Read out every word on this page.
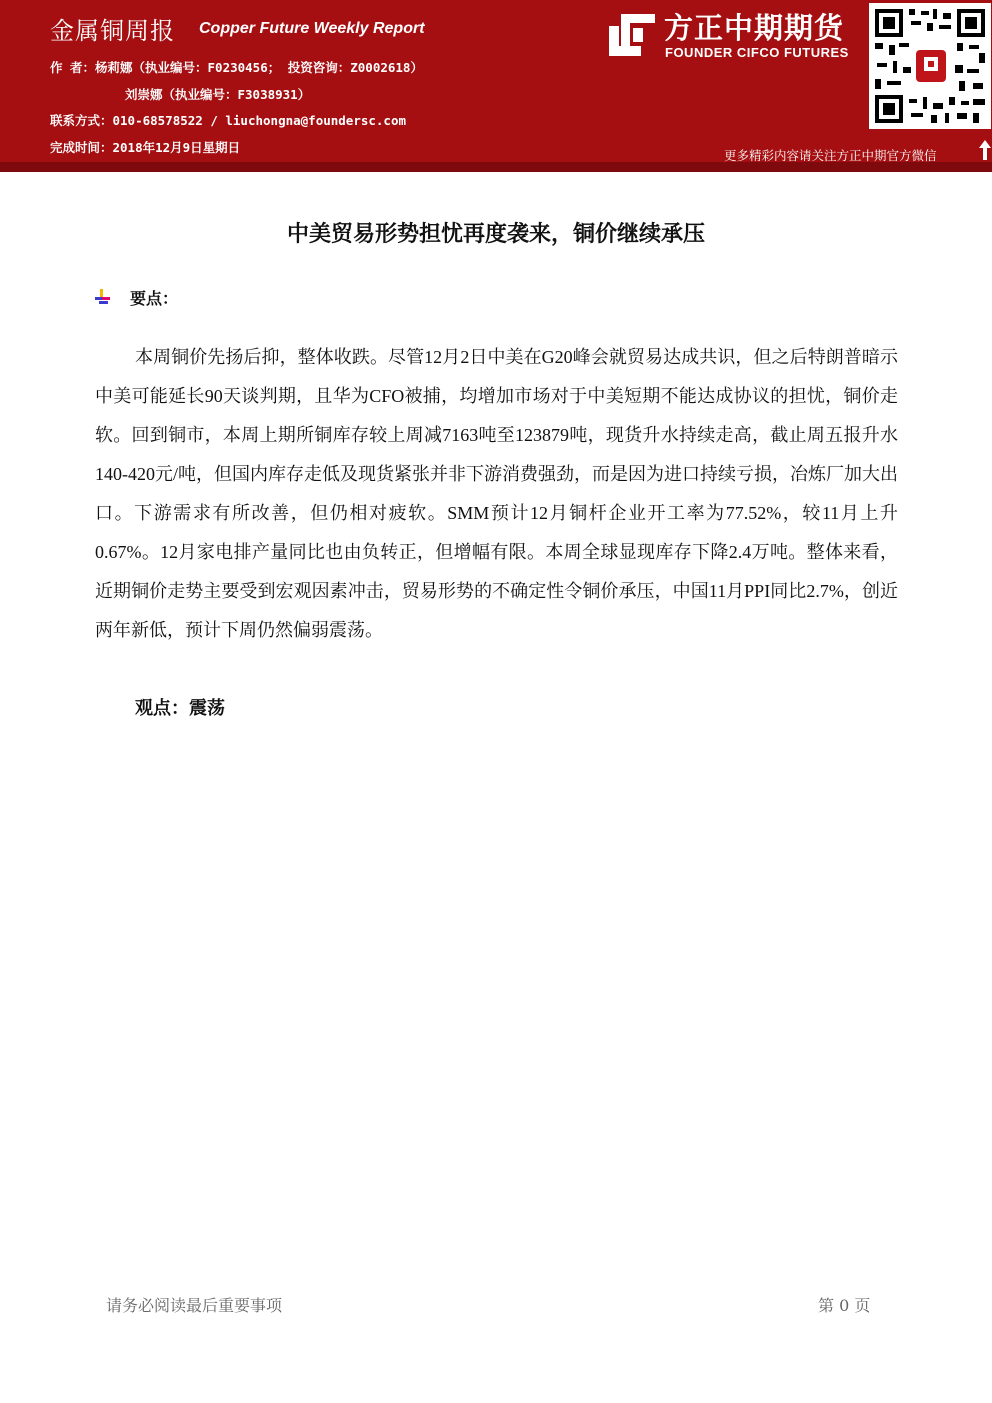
金属铜周报 Copper Future Weekly Report
作 者：杨莉娜（执业编号：F0230456； 投资咨询：Z0002618）
刘崇娜（执业编号：F3038931）
联系方式：010-68578522 / liuchongna@foundersc.com
完成时间：2018年12月9日星期日
方正中期期货
FOUNDER CIFCO FUTURES
更多精彩内容请关注方正中期官方微信
中美贸易形势担忧再度袭来，铜价继续承压
要点：
本周铜价先扬后抑，整体收跌。尽管12月2日中美在G20峰会就贸易达成共识，但之后特朗普暗示中美可能延长90天谈判期，且华为CFO被捕，均增加市场对于中美短期不能达成协议的担忧，铜价走软。回到铜市，本周上期所铜库存较上周减7163吨至123879吨，现货升水持续走高，截止周五报升水140-420元/吨，但国内库存走低及现货紧张并非下游消费强劲，而是因为进口持续亏损，冶炼厂加大出口。下游需求有所改善，但仍相对疲软。SMM预计12月铜杆企业开工率为77.52%，较11月上升0.67%。12月家电排产量同比也由负转正，但增幅有限。本周全球显现库存下降2.4万吨。整体来看，近期铜价走势主要受到宏观因素冲击，贸易形势的不确定性令铜价承压，中国11月PPI同比2.7%，创近两年新低，预计下周仍然偏弱震荡。
观点：震荡
请务必阅读最后重要事项	第 0 页
